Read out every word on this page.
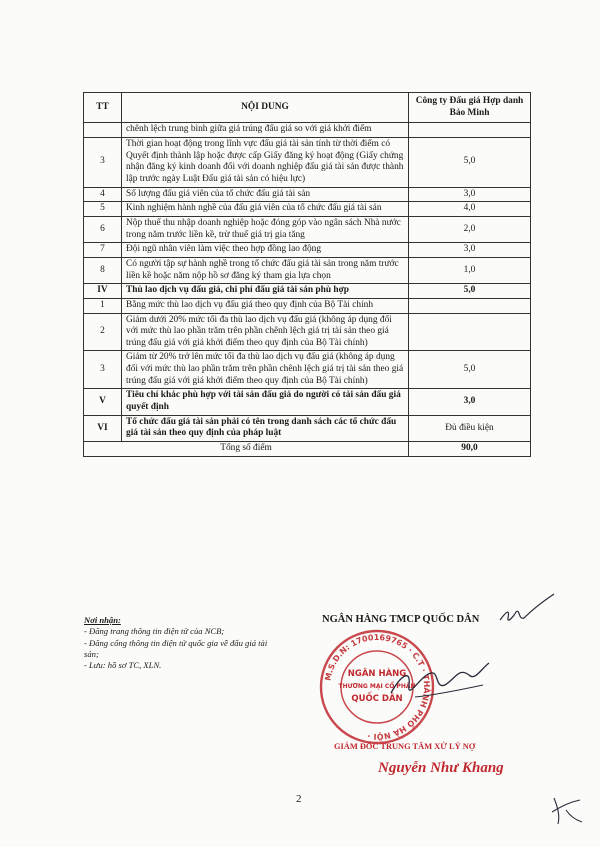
TT	NỘI DUNG	Công ty Đấu giá Hợp danh Bảo Minh
	chênh lệch trung bình giữa giá trúng đấu giá so với giá khởi điểm	
3	Thời gian hoạt động trong lĩnh vực đấu giá tài sản tính từ thời điểm có Quyết định thành lập hoặc được cấp Giấy đăng ký hoạt động (Giấy chứng nhận đăng ký kinh doanh đối với doanh nghiệp đấu giá tài sản được thành lập trước ngày Luật Đấu giá tài sản có hiệu lực)	5,0
4	Số lượng đấu giá viên của tổ chức đấu giá tài sản	3,0
5	Kinh nghiệm hành nghề của đấu giá viên của tổ chức đấu giá tài sản	4,0
6	Nộp thuế thu nhập doanh nghiệp hoặc đóng góp vào ngân sách Nhà nước trong năm trước liền kề, trừ thuế giá trị gia tăng	2,0
7	Đội ngũ nhân viên làm việc theo hợp đồng lao động	3,0
8	Có người tập sự hành nghề trong tổ chức đấu giá tài sản trong năm trước liền kề hoặc năm nộp hồ sơ đăng ký tham gia lựa chọn	1,0
IV	Thù lao dịch vụ đấu giá, chi phí đấu giá tài sản phù hợp	5,0
1	Bằng mức thù lao dịch vụ đấu giá theo quy định của Bộ Tài chính	
2	Giảm dưới 20% mức tối đa thù lao dịch vụ đấu giá (không áp dụng đối với mức thù lao phần trăm trên phần chênh lệch giá trị tài sản theo giá trúng đấu giá với giá khởi điểm theo quy định của Bộ Tài chính)	
3	Giảm từ 20% trở lên mức tối đa thù lao dịch vụ đấu giá (không áp dụng đối với mức thù lao phần trăm trên phần chênh lệch giá trị tài sản theo giá trúng đấu giá với giá khởi điểm theo quy định của Bộ Tài chính)	5,0
V	Tiêu chí khác phù hợp với tài sản đấu giá do người có tài sản đấu giá quyết định	3,0
VI	Tổ chức đấu giá tài sản phải có tên trong danh sách các tổ chức đấu giá tài sản theo quy định của pháp luật	Đủ điều kiện
Tổng số điểm		90,0
Nơi nhận:
- Đăng trang thông tin điện tử của NCB;
- Đăng cổng thông tin điện tử quốc gia về đấu giá tài sản;
- Lưu: hồ sơ TC, XLN.
NGÂN HÀNG TMCP QUỐC DÂN
M.S.D.N: 1700169765 · C.T · THÀNH PHỐ HÀ NỘI ·
NGÂN HÀNG
THƯƠNG MẠI CỔ PHẦN
QUỐC DÂN
GIÁM ĐỐC TRUNG TÂM XỬ LÝ NỢ
Nguyễn Như Khang
2
